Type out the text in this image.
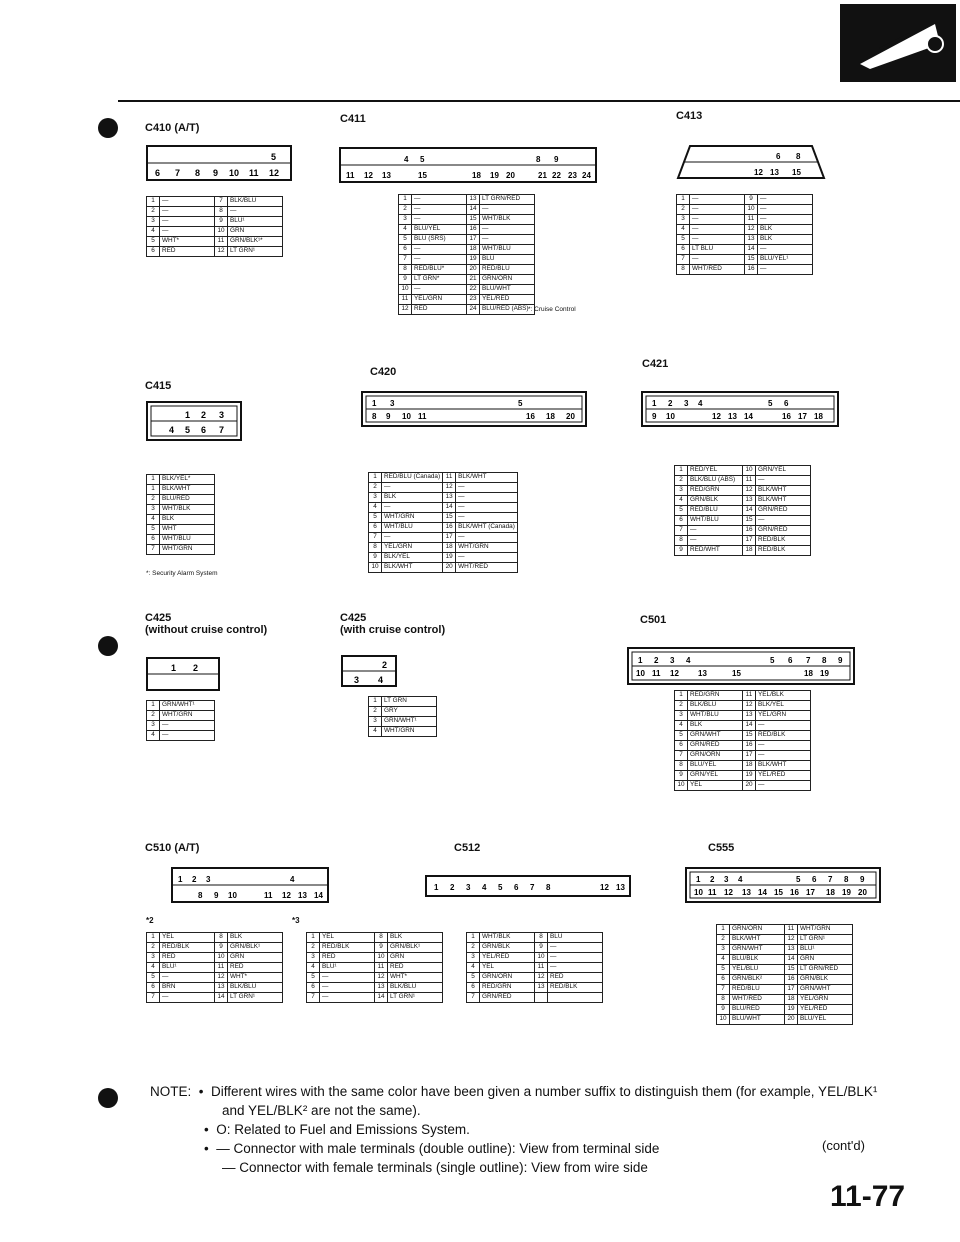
C410 (A/T)
5
6 7 8 9 10 11 12
1	—	7	BLK/BLU
2	—	8	—
3	—	9	BLU¹
4	—	10	GRN
5	WHT*	11	GRN/BLK¹*
6	RED	12	LT GRN¹
C411
4 5	8 9
11 12 13	15	18 19 20	21 22 23 24
1	—	13	LT GRN/RED
2	—	14	—
3	—	15	WHT/BLK
4	BLU/YEL	16	—
5	BLU (SRS)	17	—
6	—	18	WHT/BLU
7	—	19	BLU
8	RED/BLU*	20	RED/BLU
9	LT GRN*	21	GRN/ORN
10	—	22	BLU/WHT
11	YEL/GRN	23	YEL/RED
12	RED	24	BLU/RED (ABS) *: Cruise Control
C413
6 8
12 13 15
1	—	9	—
2	—	10	—
3	—	11	—
4	—	12	BLK
5	—	13	BLK
6	LT BLU	14	—
7	—	15	BLU/YEL¹
8	WHT/RED	16	—
C415
1 2 3
4 5 6 7
1	BLK/YEL*
1	BLK/WHT
2	BLU/RED
3	WHT/BLK
4	BLK
5	WHT
6	WHT/BLU
7	WHT/GRN
*: Security Alarm System
C420
1 3	5
8 9 10 11	16 18 20
1	RED/BLU (Canada)	11	BLK/WHT
2	—	12	—
3	BLK	13	—
4	—	14	—
5	WHT/GRN	15	—
6	WHT/BLU	16	BLK/WHT (Canada)
7	—	17	—
8	YEL/GRN	18	WHT/GRN
9	BLK/YEL	19	—
10	BLK/WHT	20	WHT/RED
C421
1 2 3 4	5 6
9 10	12 13 14	16 17 18
1	RED/YEL	10	GRN/YEL
2	BLK/BLU (ABS)	11	—
3	RED/GRN	12	BLK/WHT
4	GRN/BLK	13	BLK/WHT
5	RED/BLU	14	GRN/RED
6	WHT/BLU	15	—
7	—	16	GRN/RED
8	—	17	RED/BLK
9	RED/WHT	18	RED/BLK
C425
(without cruise control)
1 2
1	GRN/WHT¹
2	WHT/GRN
3	—
4	—
C425
(with cruise control)
2
3 4
1	LT GRN
2	GRY
3	GRN/WHT¹
4	WHT/GRN
C501
1 2 3 4	5 6 7 8 9
10 11 12 13	15	18 19
1	RED/GRN	11	YEL/BLK
2	BLK/BLU	12	BLK/YEL
3	WHT/BLU	13	YEL/GRN
4	BLK	14	—
5	GRN/WHT	15	RED/BLK
6	GRN/RED	16	—
7	GRN/ORN	17	—
8	BLU/YEL	18	BLK/WHT
9	GRN/YEL	19	YEL/RED
10	YEL	20	—
C510 (A/T)
1 2 3	4
8 9 10	11 12 13 14
*2
1	YEL	8	BLK
2	RED/BLK	9	GRN/BLK¹
3	RED	10	GRN
4	BLU¹	11	RED
5	—	12	WHT*
6	BRN	13	BLK/BLU
7	—	14	LT GRN¹
*3
1	YEL	8	BLK
2	RED/BLK	9	GRN/BLK¹
3	RED	10	GRN
4	BLU¹	11	RED
5	—	12	WHT*
6	—	13	BLK/BLU
7	—	14	LT GRN¹
C512
1 2 3 4 5 6 7 8	12 13
1	WHT/BLK	8	BLU
2	GRN/BLK	9	—
3	YEL/RED	10	—
4	YEL	11	—
5	GRN/ORN	12	RED
6	RED/GRN	13	RED/BLK
7	GRN/RED		
C555
1 2 3 4	5 6 7 8 9
10 11 12 13 14 15 16 17 18 19 20
1	GRN/ORN	11	WHT/GRN
2	BLK/WHT	12	LT GRN¹
3	GRN/WHT	13	BLU¹
4	BLU/BLK	14	GRN
5	YEL/BLU	15	LT GRN/RED
6	GRN/BLK²	16	GRN/BLK
7	RED/BLU	17	GRN/WHT
8	WHT/RED	18	YEL/GRN
9	BLU/RED	19	YEL/RED
10	BLU/WHT	20	BLU/YEL
NOTE:  •  Different wires with the same color have been given a number suffix to distinguish them (for example, YEL/BLK¹
and YEL/BLK² are not the same).
•  O: Related to Fuel and Emissions System.
•  — Connector with male terminals (double outline): View from terminal side
— Connector with female terminals (single outline): View from wire side
(cont'd)
11-77
